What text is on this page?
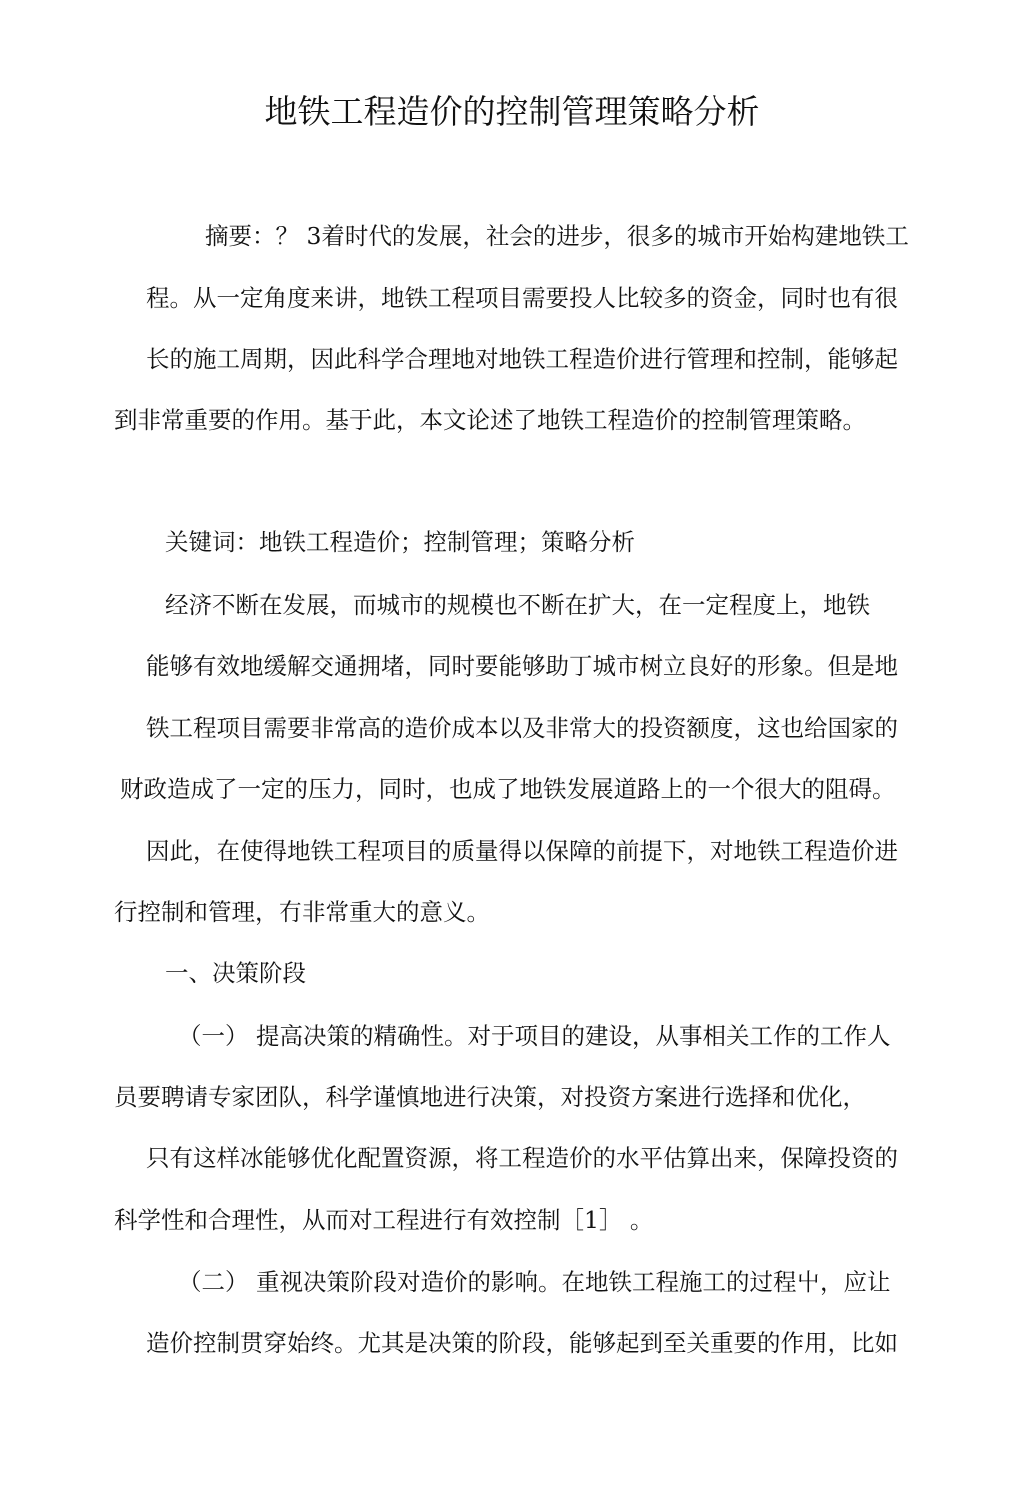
地铁工程造价的控制管理策略分析
摘要：？ 3着时代的发展，社会的进步，很多的城市开始构建地铁工
程。从一定角度来讲，地铁工程项目需要投人比较多的资金，同时也有很
长的施工周期，因此科学合理地对地铁工程造价进行管理和控制，能够起
到非常重要的作用。基于此，本文论述了地铁工程造价的控制管理策略。
关键词：地铁工程造价；控制管理；策略分析
经济不断在发展，而城市的规模也不断在扩大，在一定程度上，地铁
能够有效地缓解交通拥堵，同时要能够助丁城市树立良好的形象。但是地
铁工程项目需要非常高的造价成本以及非常大的投资额度，这也给国家的
财政造成了一定的压力，同时，也成了地铁发展道路上的一个很大的阻碍。
因此，在使得地铁工程项目的质量得以保障的前提下，对地铁工程造价进
行控制和管理，冇非常重大的意义。
一、决策阶段
（一） 提高决策的精确性。对于项目的建设，从事相关工作的工作人
员要聘请专家团队，科学谨慎地进行决策，对投资方案进行选择和优化，
只有这样冰能够优化配置资源，将工程造价的水平估算出来，保障投资的
科学性和合理性，从而对工程进行有效控制［1］ 。
（二） 重视决策阶段对造价的影响。在地铁工程施工的过程屮，应让
造价控制贯穿始终。尤其是决策的阶段，能够起到至关重要的作用，比如
